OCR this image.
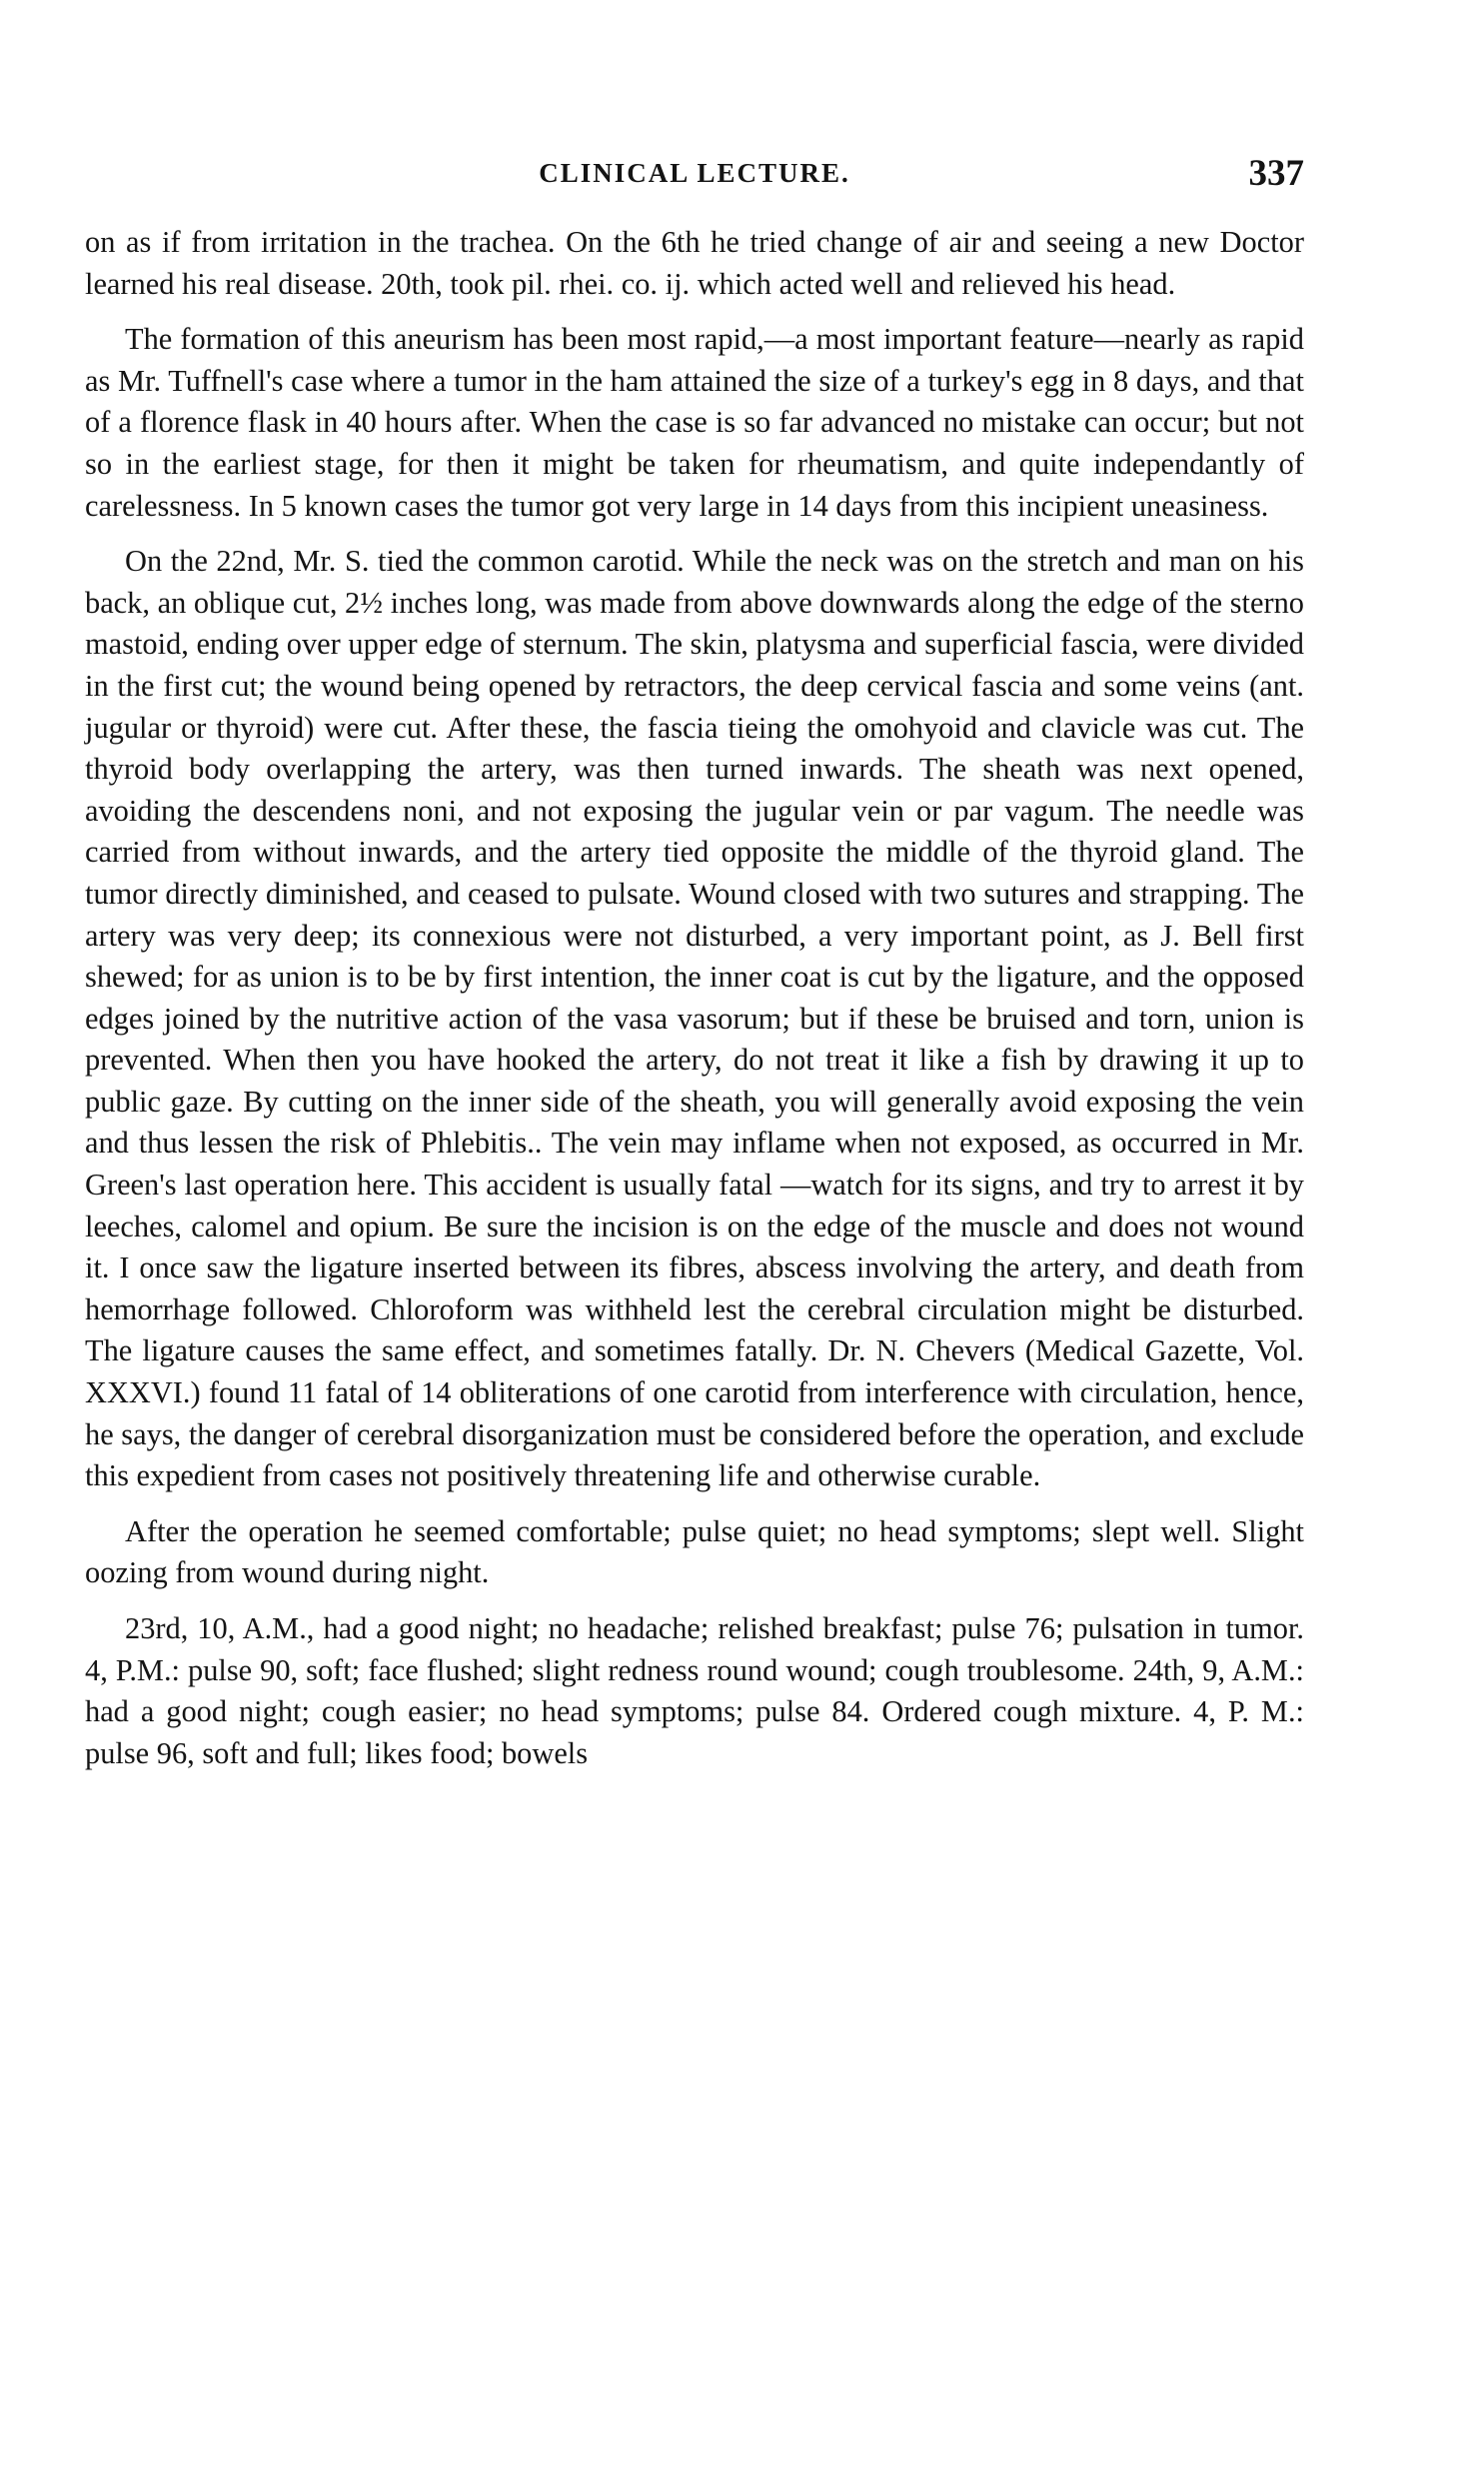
CLINICAL LECTURE.	337

on as if from irritation in the trachea. On the 6th he tried change of air and seeing a new Doctor learned his real disease. 20th, took pil. rhei. co. ij. which acted well and relieved his head.

The formation of this aneurism has been most rapid,—a most important feature—nearly as rapid as Mr. Tuffnell's case where a tumor in the ham attained the size of a turkey's egg in 8 days, and that of a florence flask in 40 hours after. When the case is so far advanced no mistake can occur; but not so in the earliest stage, for then it might be taken for rheumatism, and quite independantly of carelessness. In 5 known cases the tumor got very large in 14 days from this incipient uneasiness.

On the 22nd, Mr. S. tied the common carotid. While the neck was on the stretch and man on his back, an oblique cut, 2½ inches long, was made from above downwards along the edge of the sterno mastoid, ending over upper edge of sternum. The skin, platysma and superficial fascia, were divided in the first cut; the wound being opened by retractors, the deep cervical fascia and some veins (ant. jugular or thyroid) were cut. After these, the fascia tieing the omohyoid and clavicle was cut. The thyroid body overlapping the artery, was then turned inwards. The sheath was next opened, avoiding the descendens noni, and not exposing the jugular vein or par vagum. The needle was carried from without inwards, and the artery tied opposite the middle of the thyroid gland. The tumor directly diminished, and ceased to pulsate. Wound closed with two sutures and strapping. The artery was very deep; its connexious were not disturbed, a very important point, as J. Bell first shewed; for as union is to be by first intention, the inner coat is cut by the ligature, and the opposed edges joined by the nutritive action of the vasa vasorum; but if these be bruised and torn, union is prevented. When then you have hooked the artery, do not treat it like a fish by drawing it up to public gaze. By cutting on the inner side of the sheath, you will generally avoid exposing the vein and thus lessen the risk of Phlebitis.. The vein may inflame when not exposed, as occurred in Mr. Green's last operation here. This accident is usually fatal —watch for its signs, and try to arrest it by leeches, calomel and opium. Be sure the incision is on the edge of the muscle and does not wound it. I once saw the ligature inserted between its fibres, abscess involving the artery, and death from hemorrhage followed. Chloroform was withheld lest the cerebral circulation might be disturbed. The ligature causes the same effect, and sometimes fatally. Dr. N. Chevers (Medical Gazette, Vol. XXXVI.) found 11 fatal of 14 obliterations of one carotid from interference with circulation, hence, he says, the danger of cerebral disorganization must be considered before the operation, and exclude this expedient from cases not positively threatening life and otherwise curable.

After the operation he seemed comfortable; pulse quiet; no head symptoms; slept well. Slight oozing from wound during night.

23rd, 10, A.M., had a good night; no headache; relished breakfast; pulse 76; pulsation in tumor. 4, P.M.: pulse 90, soft; face flushed; slight redness round wound; cough troublesome. 24th, 9, A.M.: had a good night; cough easier; no head symptoms; pulse 84. Ordered cough mixture. 4, P. M.: pulse 96, soft and full; likes food; bowels
